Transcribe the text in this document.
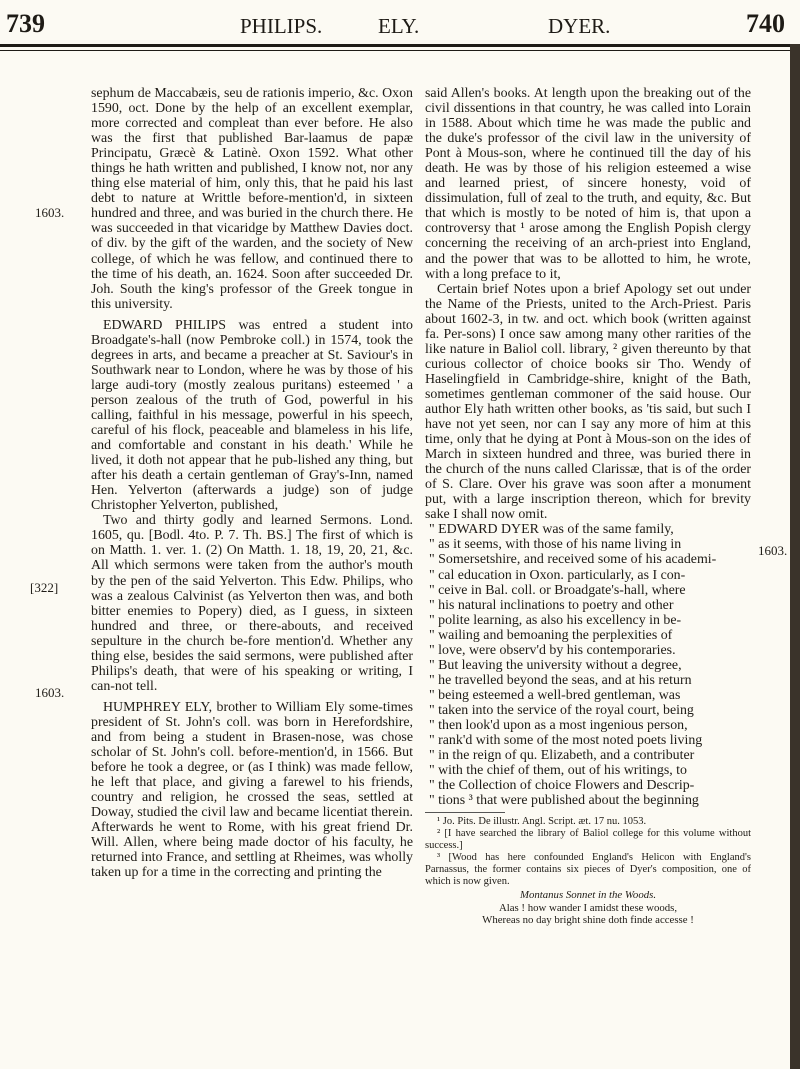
739	PHILIPS.	ELY.	DYER.	740
1603.
[322]
1603.
1603.

sephum de Maccabæis, seu de rationis imperio, &c. Oxon 1590, oct. Done by the help of an excellent exemplar, more corrected and compleat than ever before. He also was the first that published Bar-laamus de papæ Principatu, Græcè & Latinè. Oxon 1592. What other things he hath written and published, I know not, nor any thing else material of him, only this, that he paid his last debt to nature at Writtle before-mention'd, in sixteen hundred and three, and was buried in the church there. He was succeeded in that vicaridge by Matthew Davies doct. of div. by the gift of the warden, and the society of New college, of which he was fellow, and continued there to the time of his death, an. 1624. Soon after succeeded Dr. Joh. South the king's professor of the Greek tongue in this university.

EDWARD PHILIPS was entred a student into Broadgate's-hall (now Pembroke coll.) in 1574, took the degrees in arts, and became a preacher at St. Saviour's in Southwark near to London, where he was by those of his large audi-tory (mostly zealous puritans) esteemed ' a person zealous of the truth of God, powerful in his calling, faithful in his message, powerful in his speech, careful of his flock, peaceable and blameless in his life, and comfortable and constant in his death.' While he lived, it doth not appear that he pub-lished any thing, but after his death a certain gentleman of Gray's-Inn, named Hen. Yelverton (afterwards a judge) son of judge Christopher Yelverton, published,

Two and thirty godly and learned Sermons. Lond. 1605, qu. [Bodl. 4to. P. 7. Th. BS.] The first of which is on Matth. 1. ver. 1. (2) On Matth. 1. 18, 19, 20, 21, &c. All which sermons were taken from the author's mouth by the pen of the said Yelverton. This Edw. Philips, who was a zealous Calvinist (as Yelverton then was, and both bitter enemies to Popery) died, as I guess, in sixteen hundred and three, or there-abouts, and received sepulture in the church be-fore mention'd. Whether any thing else, besides the said sermons, were published after Philips's death, that were of his speaking or writing, I can-not tell.

HUMPHREY ELY, brother to William Ely some-times president of St. John's coll. was born in Herefordshire, and from being a student in Brasen-nose, was chose scholar of St. John's coll. before-mention'd, in 1566. But before he took a degree, or (as I think) was made fellow, he left that place, and giving a farewel to his friends, country and religion, he crossed the seas, settled at Doway, studied the civil law and became licentiat therein. Afterwards he went to Rome, with his great friend Dr. Will. Allen, where being made doctor of his faculty, he returned into France, and settling at Rheimes, was wholly taken up for a time in the correcting and printing the

said Allen's books. At length upon the breaking out of the civil dissentions in that country, he was called into Lorain in 1588. About which time he was made the public and the duke's professor of the civil law in the university of Pont à Mous-son, where he continued till the day of his death. He was by those of his religion esteemed a wise and learned priest, of sincere honesty, void of dissimulation, full of zeal to the truth, and equity, &c. But that which is mostly to be noted of him is, that upon a controversy that ¹ arose among the English Popish clergy concerning the receiving of an arch-priest into England, and the power that was to be allotted to him, he wrote, with a long preface to it,

Certain brief Notes upon a brief Apology set out under the Name of the Priests, united to the Arch-Priest. Paris about 1602-3, in tw. and oct. which book (written against fa. Per-sons) I once saw among many other rarities of the like nature in Baliol coll. library, ² given thereunto by that curious collector of choice books sir Tho. Wendy of Haselingfield in Cambridge-shire, knight of the Bath, sometimes gentleman commoner of the said house. Our author Ely hath written other books, as 'tis said, but such I have not yet seen, nor can I say any more of him at this time, only that he dying at Pont à Mous-son on the ides of March in sixteen hundred and three, was buried there in the church of the nuns called Clarissæ, that is of the order of S. Clare. Over his grave was soon after a monument put, with a large inscription thereon, which for brevity sake I shall now omit.

" EDWARD DYER was of the same family,
" as it seems, with those of his name living in
" Somersetshire, and received some of his academi-
" cal education in Oxon. particularly, as I con-
" ceive in Bal. coll. or Broadgate's-hall, where
" his natural inclinations to poetry and other
" polite learning, as also his excellency in be-
" wailing and bemoaning the perplexities of
" love, were observ'd by his contemporaries.
" But leaving the university without a degree,
" he travelled beyond the seas, and at his return
" being esteemed a well-bred gentleman, was
" taken into the service of the royal court, being
" then look'd upon as a most ingenious person,
" rank'd with some of the most noted poets living
" in the reign of qu. Elizabeth, and a contributer
" with the chief of them, out of his writings, to
" the Collection of choice Flowers and Descrip-
" tions ³ that were published about the beginning

¹ Jo. Pits. De illustr. Angl. Script. æt. 17 nu. 1053.

² [I have searched the library of Baliol college for this volume without success.]

³ [Wood has here confounded England's Helicon with England's Parnassus, the former contains six pieces of Dyer's composition, one of which is now given.

Montanus Sonnet in the Woods.
Alas ! how wander I amidst these woods,
Whereas no day bright shine doth finde accesse !
